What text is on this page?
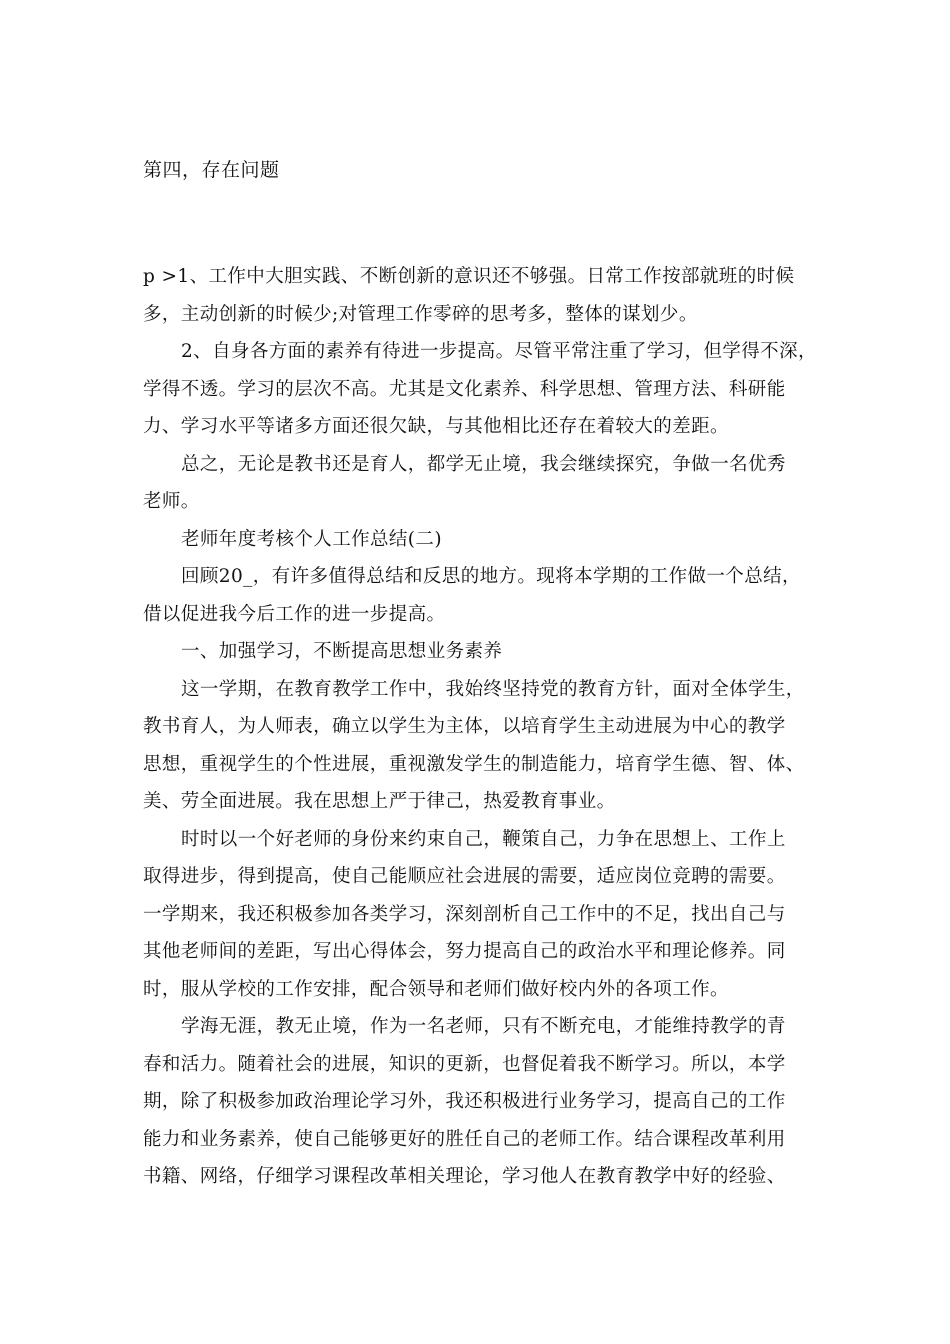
第四，存在问题
p >1、工作中大胆实践、不断创新的意识还不够强。日常工作按部就班的时候
多，主动创新的时候少;对管理工作零碎的思考多，整体的谋划少。
2、自身各方面的素养有待进一步提高。尽管平常注重了学习，但学得不深，
学得不透。学习的层次不高。尤其是文化素养、科学思想、管理方法、科研能
力、学习水平等诸多方面还很欠缺，与其他相比还存在着较大的差距。
总之，无论是教书还是育人，都学无止境，我会继续探究，争做一名优秀
老师。
老师年度考核个人工作总结(二)
回顾20_，有许多值得总结和反思的地方。现将本学期的工作做一个总结，
借以促进我今后工作的进一步提高。
一、加强学习，不断提高思想业务素养
这一学期，在教育教学工作中，我始终坚持党的教育方针，面对全体学生，
教书育人，为人师表，确立以学生为主体，以培育学生主动进展为中心的教学
思想，重视学生的个性进展，重视激发学生的制造能力，培育学生德、智、体、
美、劳全面进展。我在思想上严于律己，热爱教育事业。
时时以一个好老师的身份来约束自己，鞭策自己，力争在思想上、工作上
取得进步，得到提高，使自己能顺应社会进展的需要，适应岗位竞聘的需要。
一学期来，我还积极参加各类学习，深刻剖析自己工作中的不足，找出自己与
其他老师间的差距，写出心得体会，努力提高自己的政治水平和理论修养。同
时，服从学校的工作安排，配合领导和老师们做好校内外的各项工作。
学海无涯，教无止境，作为一名老师，只有不断充电，才能维持教学的青
春和活力。随着社会的进展，知识的更新，也督促着我不断学习。所以，本学
期，除了积极参加政治理论学习外，我还积极进行业务学习，提高自己的工作
能力和业务素养，使自己能够更好的胜任自己的老师工作。结合课程改革利用
书籍、网络，仔细学习课程改革相关理论，学习他人在教育教学中好的经验、
